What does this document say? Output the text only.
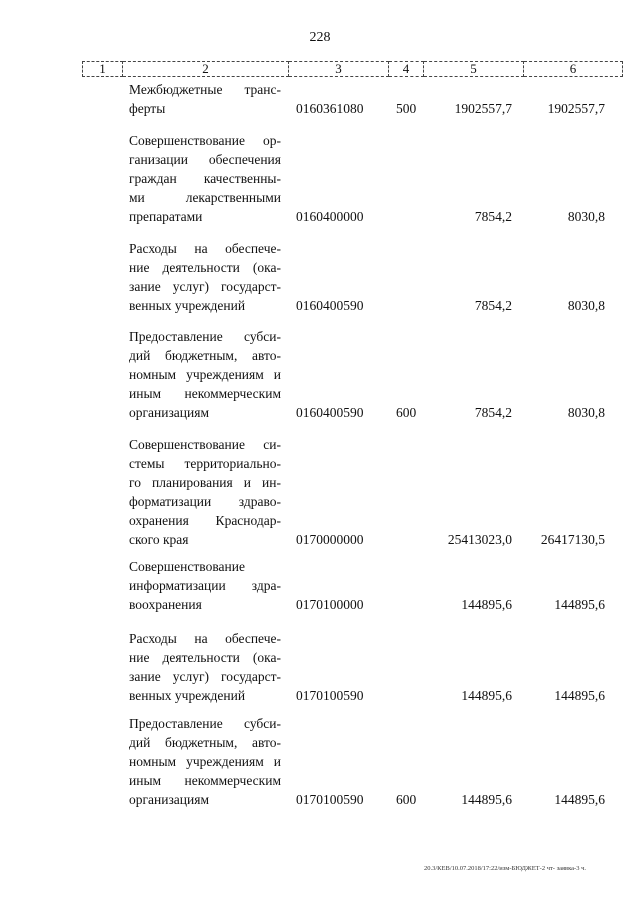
228
1	2	3	4	5	6
Межбюджетные транс-
ферты	0160361080 500	1902557,7	1902557,7
Совершенствование ор-
ганизации обеспечения
граждан качественны-
ми лекарственными
препаратами	0160400000	7854,2	8030,8
Расходы на обеспече-
ние деятельности (ока-
зание услуг) государст-
венных учреждений	0160400590	7854,2	8030,8
Предоставление субси-
дий бюджетным, авто-
номным учреждениям и
иным некоммерческим
организациям	0160400590 600	7854,2	8030,8
Совершенствование си-
стемы территориально-
го планирования и ин-
форматизации здраво-
охранения Краснодар-
ского края	0170000000	25413023,0 26417130,5
Совершенствование
информатизации здра-
воохранения	0170100000	144895,6	144895,6
Расходы на обеспече-
ние деятельности (ока-
зание услуг) государст-
венных учреждений	0170100590	144895,6	144895,6
Предоставление субси-
дий бюджетным, авто-
номным учреждениям и
иным некоммерческим
организациям	0170100590 600	144895,6	144895,6
20.3/КЕВ/10.07.2018/17:22/изм-БЮДЖЕТ-2 чт- заявка-3 ч.
